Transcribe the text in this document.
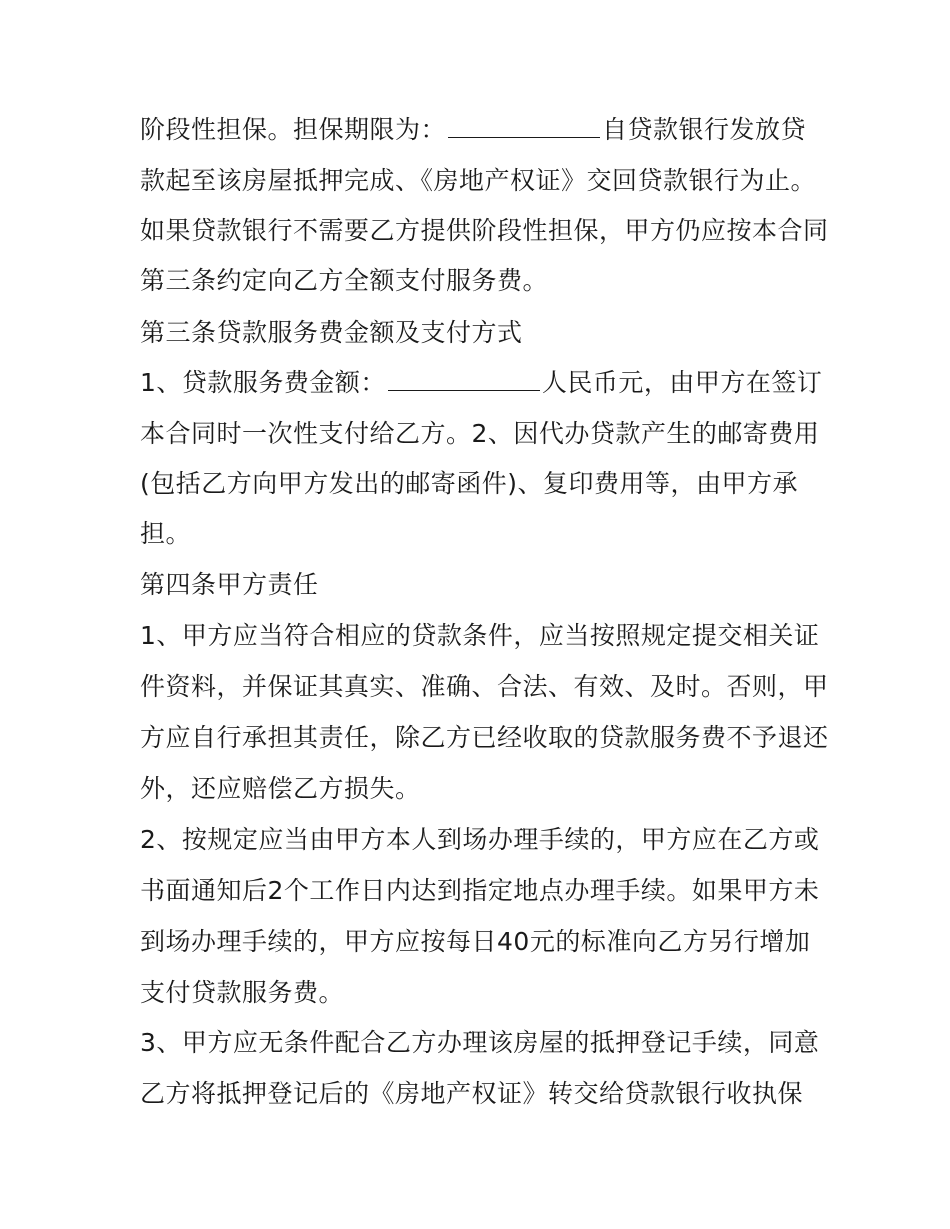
阶段性担保。担保期限为：	自贷款银行发放贷
款起至该房屋抵押完成、《房地产权证》交回贷款银行为止。
如果贷款银行不需要乙方提供阶段性担保，甲方仍应按本合同
第三条约定向乙方全额支付服务费。
第三条贷款服务费金额及支付方式
1、贷款服务费金额：	人民币元，由甲方在签订
本合同时一次性支付给乙方。2、因代办贷款产生的邮寄费用
(包括乙方向甲方发出的邮寄函件)、复印费用等，由甲方承
担。
第四条甲方责任
1、甲方应当符合相应的贷款条件，应当按照规定提交相关证
件资料，并保证其真实、准确、合法、有效、及时。否则，甲
方应自行承担其责任，除乙方已经收取的贷款服务费不予退还
外，还应赔偿乙方损失。
2、按规定应当由甲方本人到场办理手续的，甲方应在乙方或
书面通知后2个工作日内达到指定地点办理手续。如果甲方未
到场办理手续的，甲方应按每日40元的标准向乙方另行增加
支付贷款服务费。
3、甲方应无条件配合乙方办理该房屋的抵押登记手续，同意
乙方将抵押登记后的《房地产权证》转交给贷款银行收执保
